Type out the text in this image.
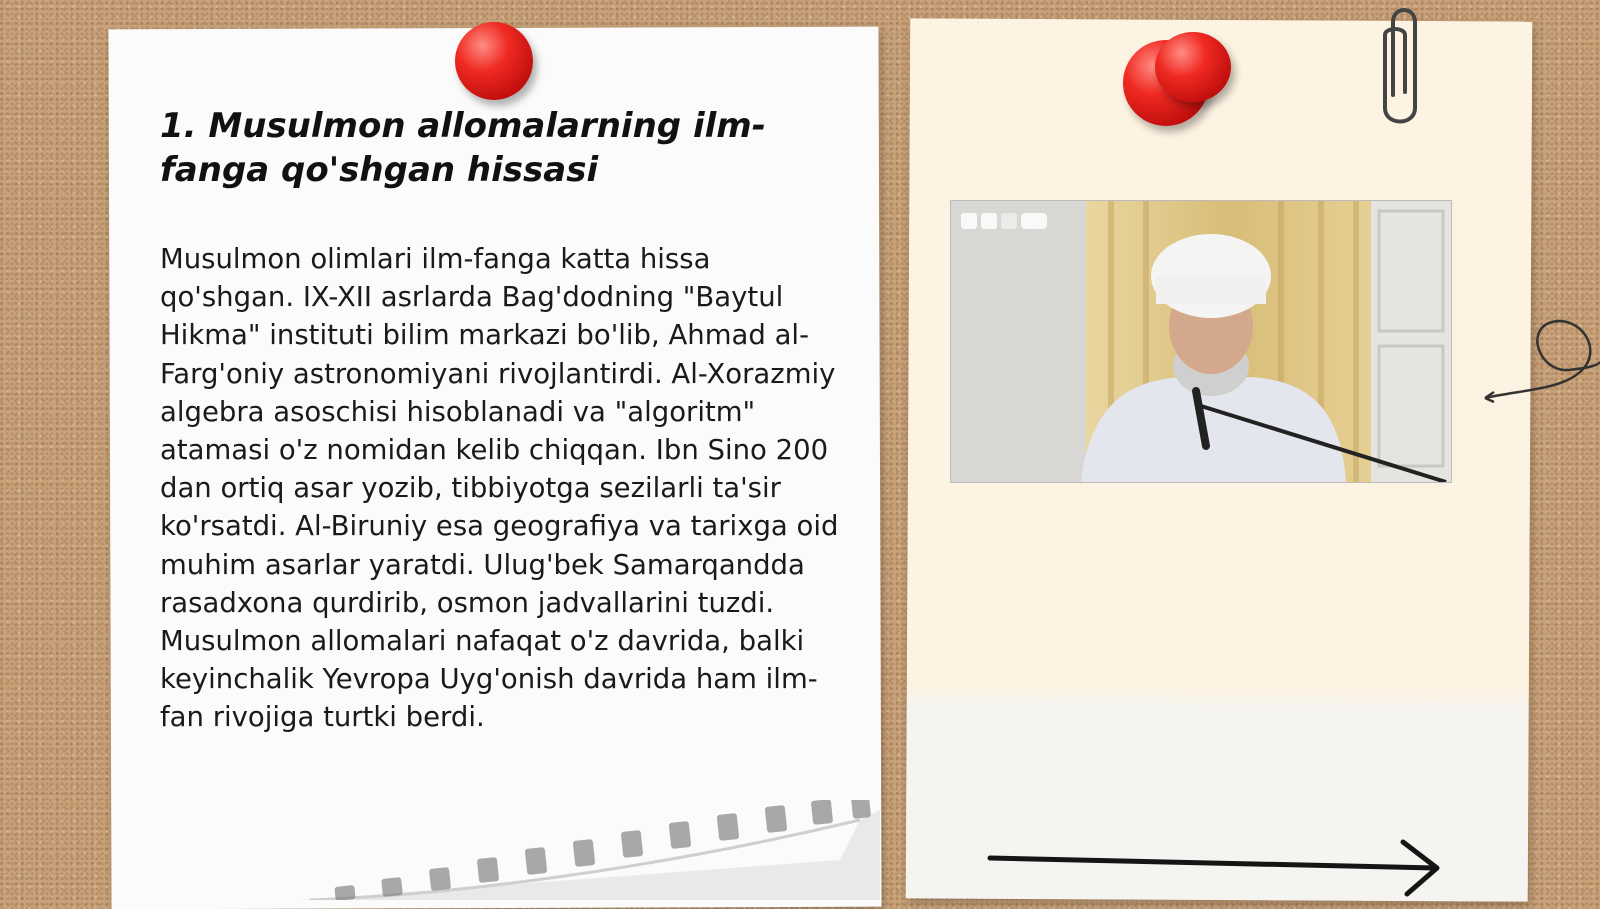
1. Musulmon allomalarning ilm-fanga qo'shgan hissasi

Musulmon olimlari ilm-fanga katta hissa qo'shgan. IX-XII asrlarda Bag'dodning "Baytul Hikma" instituti bilim markazi bo'lib, Ahmad al-Farg'oniy astronomiyani rivojlantirdi. Al-Xorazmiy algebra asoschisi hisoblanadi va "algoritm" atamasi o'z nomidan kelib chiqqan. Ibn Sino 200 dan ortiq asar yozib, tibbiyotga sezilarli ta'sir ko'rsatdi. Al-Biruniy esa geografiya va tarixga oid muhim asarlar yaratdi. Ulug'bek Samarqandda rasadxona qurdirib, osmon jadvallarini tuzdi. Musulmon allomalari nafaqat o'z davrida, balki keyinchalik Yevropa Uyg'onish davrida ham ilm-fan rivojiga turtki berdi.
